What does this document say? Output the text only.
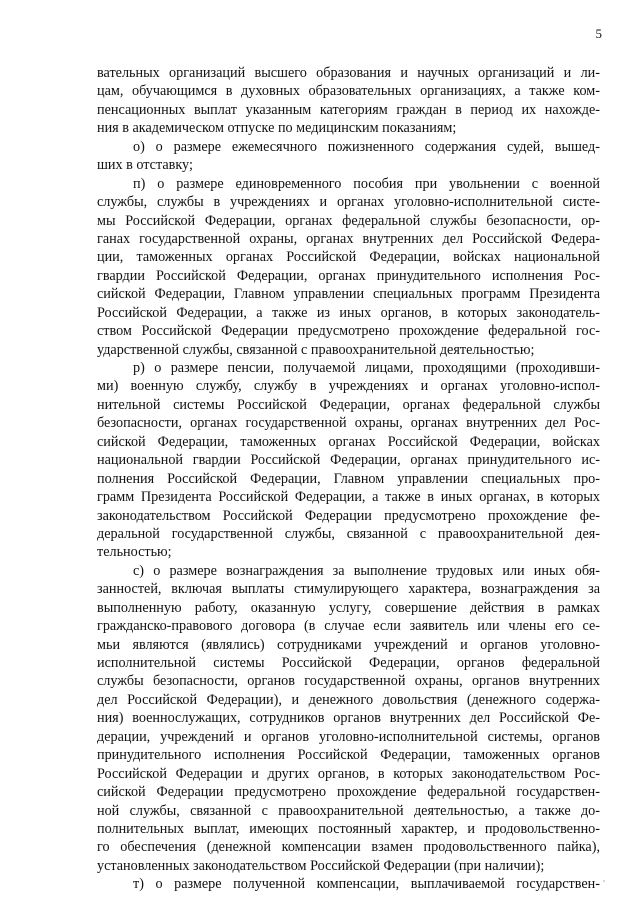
5
вательных организаций высшего образования и научных организаций и ли-
цам, обучающимся в духовных образовательных организациях, а также ком-
пенсационных выплат указанным категориям граждан в период их нахожде-
ния в академическом отпуске по медицинским показаниям;
о) о размере ежемесячного пожизненного содержания судей, вышед-
ших в отставку;
п) о размере единовременного пособия при увольнении с военной
службы, службы в учреждениях и органах уголовно-исполнительной систе-
мы Российской Федерации, органах федеральной службы безопасности, ор-
ганах государственной охраны, органах внутренних дел Российской Федера-
ции, таможенных органах Российской Федерации, войсках национальной
гвардии Российской Федерации, органах принудительного исполнения Рос-
сийской Федерации, Главном управлении специальных программ Президента
Российской Федерации, а также из иных органов, в которых законодатель-
ством Российской Федерации предусмотрено прохождение федеральной гос-
ударственной службы, связанной с правоохранительной деятельностью;
р) о размере пенсии, получаемой лицами, проходящими (проходивши-
ми) военную службу, службу в учреждениях и органах уголовно-испол-
нительной системы Российской Федерации, органах федеральной службы
безопасности, органах государственной охраны, органах внутренних дел Рос-
сийской Федерации, таможенных органах Российской Федерации, войсках
национальной гвардии Российской Федерации, органах принудительного ис-
полнения Российской Федерации, Главном управлении специальных про-
грамм Президента Российской Федерации, а также в иных органах, в которых
законодательством Российской Федерации предусмотрено прохождение фе-
деральной государственной службы, связанной с правоохранительной дея-
тельностью;
с) о размере вознаграждения за выполнение трудовых или иных обя-
занностей, включая выплаты стимулирующего характера, вознаграждения за
выполненную работу, оказанную услугу, совершение действия в рамках
гражданско-правового договора (в случае если заявитель или члены его се-
мьи являются (являлись) сотрудниками учреждений и органов уголовно-
исполнительной системы Российской Федерации, органов федеральной
службы безопасности, органов государственной охраны, органов внутренних
дел Российской Федерации), и денежного довольствия (денежного содержа-
ния) военнослужащих, сотрудников органов внутренних дел Российской Фе-
дерации, учреждений и органов уголовно-исполнительной системы, органов
принудительного исполнения Российской Федерации, таможенных органов
Российской Федерации и других органов, в которых законодательством Рос-
сийской Федерации предусмотрено прохождение федеральной государствен-
ной службы, связанной с правоохранительной деятельностью, а также до-
полнительных выплат, имеющих постоянный характер, и продовольственно-
го обеспечения (денежной компенсации взамен продовольственного пайка),
установленных законодательством Российской Федерации (при наличии);
т) о размере полученной компенсации, выплачиваемой государствен-
